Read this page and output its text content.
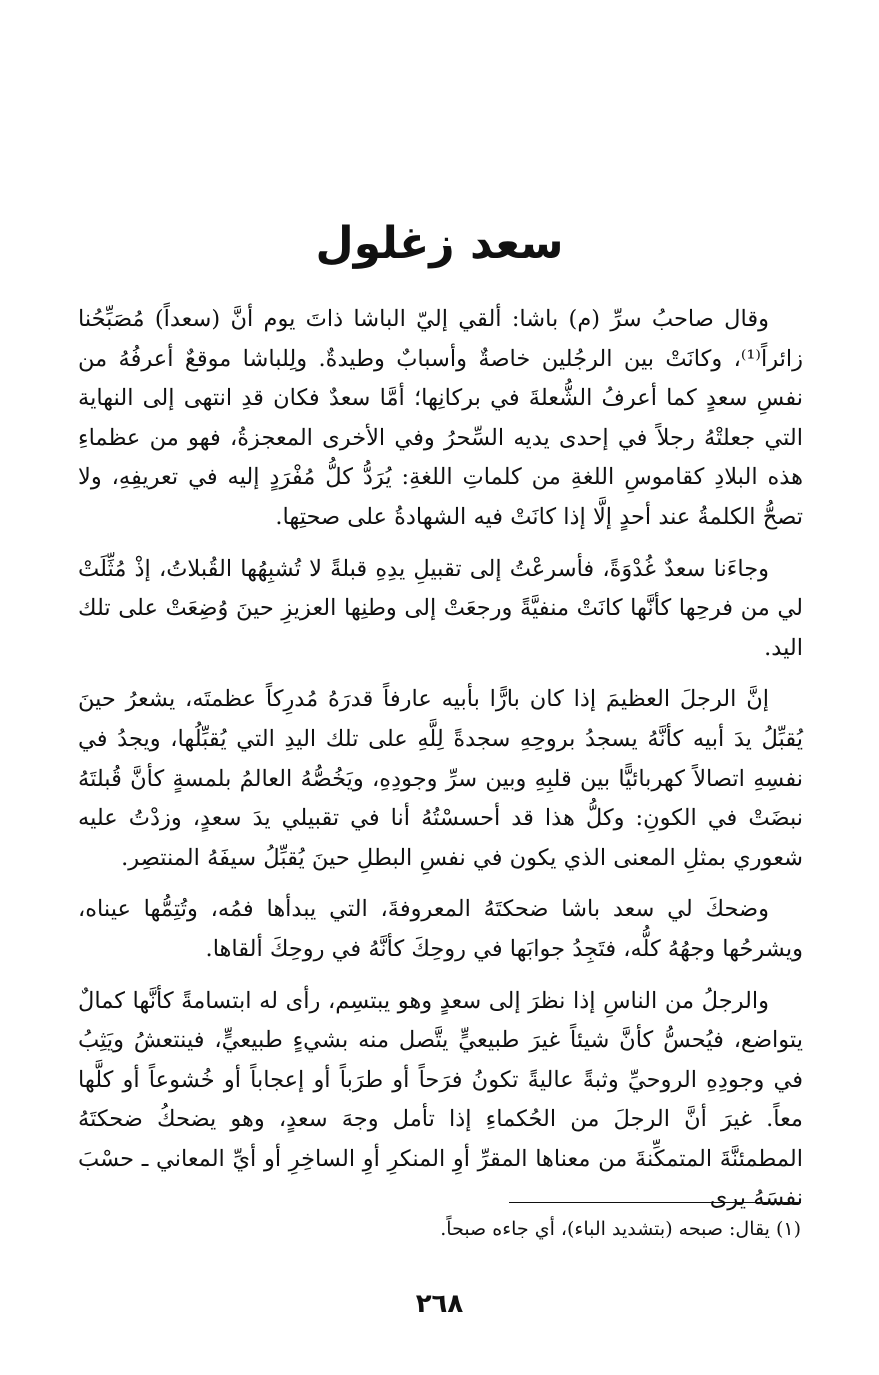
سعد زغلول

وقال صاحبُ سرِّ (م) باشا: ألقي إليّ الباشا ذاتَ يوم أنَّ (سعداً) مُصَبِّحُنا زائراً⁽¹⁾، وكانَتْ بين الرجُلين خاصةٌ وأسبابٌ وطيدةٌ. ولِلباشا موقعٌ أعرفُهُ من نفسِ سعدٍ كما أعرفُ الشُّعلةَ في بركانِها؛ أمَّا سعدٌ فكان قدِ انتهى إلى النهاية التي جعلتْهُ رجلاً في إحدى يديه السِّحرُ وفي الأخرى المعجزةُ، فهو من عظماءِ هذه البلادِ كقاموسِ اللغةِ من كلماتِ اللغةِ: يُرَدُّ كلُّ مُفْرَدٍ إليه في تعريفِهِ، ولا تصحُّ الكلمةُ عند أحدٍ إلَّا إذا كانَتْ فيه الشهادةُ على صحتِها.

وجاءَنا سعدٌ غُدْوَةً، فأسرعْتُ إلى تقبيلِ يدِهِ قبلةً لا تُشبِهُها القُبلاتُ، إذْ مُثِّلَتْ لي من فرحِها كأنَّها كانَتْ منفيَّةً ورجعَتْ إلى وطنِها العزيزِ حينَ وُضِعَتْ على تلك اليد.

إنَّ الرجلَ العظيمَ إذا كان بارًّا بأبيه عارفاً قدرَهُ مُدرِكاً عظمتَه، يشعرُ حينَ يُقبِّلُ يدَ أبيه كأنَّهُ يسجدُ بروحِهِ سجدةً لِلَّهِ على تلك اليدِ التي يُقبِّلُها، ويجدُ في نفسِهِ اتصالاً كهربائيًّا بين قلبِهِ وبين سرِّ وجودِهِ، ويَخُصُّهُ العالمُ بلمسةٍ كأنَّ قُبلتَهُ نبضَتْ في الكونِ: وكلُّ هذا قد أحسسْتُهُ أنا في تقبيلي يدَ سعدٍ، وزدْتُ عليه شعوري بمثلِ المعنى الذي يكون في نفسِ البطلِ حينَ يُقبِّلُ سيفَهُ المنتصِر.

وضحكَ لي سعد باشا ضحكتَهُ المعروفةَ، التي يبدأها فمُه، وتُتِمُّها عيناه، ويشرحُها وجهُهُ كلُّه، فتَجِدُ جوابَها في روحِكَ كأنَّهُ في روحِكَ ألقاها.

والرجلُ من الناسِ إذا نظرَ إلى سعدٍ وهو يبتسِم، رأى له ابتسامةً كأنَّها كمالٌ يتواضع، فيُحسُّ كأنَّ شيئاً غيرَ طبيعيٍّ يتَّصل منه بشيءٍ طبيعيٍّ، فينتعشُ ويَثِبُ في وجودِهِ الروحيِّ وثبةً عاليةً تكونُ فرَحاً أو طرَباً أو إعجاباً أو خُشوعاً أو كلَّها معاً. غيرَ أنَّ الرجلَ من الحُكماءِ إذا تأمل وجهَ سعدٍ، وهو يضحكُ ضحكتَهُ المطمئنَّةَ المتمكِّنةَ من معناها المقرِّ أوِ المنكرِ أوِ الساخِرِ أو أيِّ المعاني ـ حسْبَ نفسَهُ يرى

(١) يقال: صبحه (بتشديد الباء)، أي جاءه صبحاً.
٢٦٨
